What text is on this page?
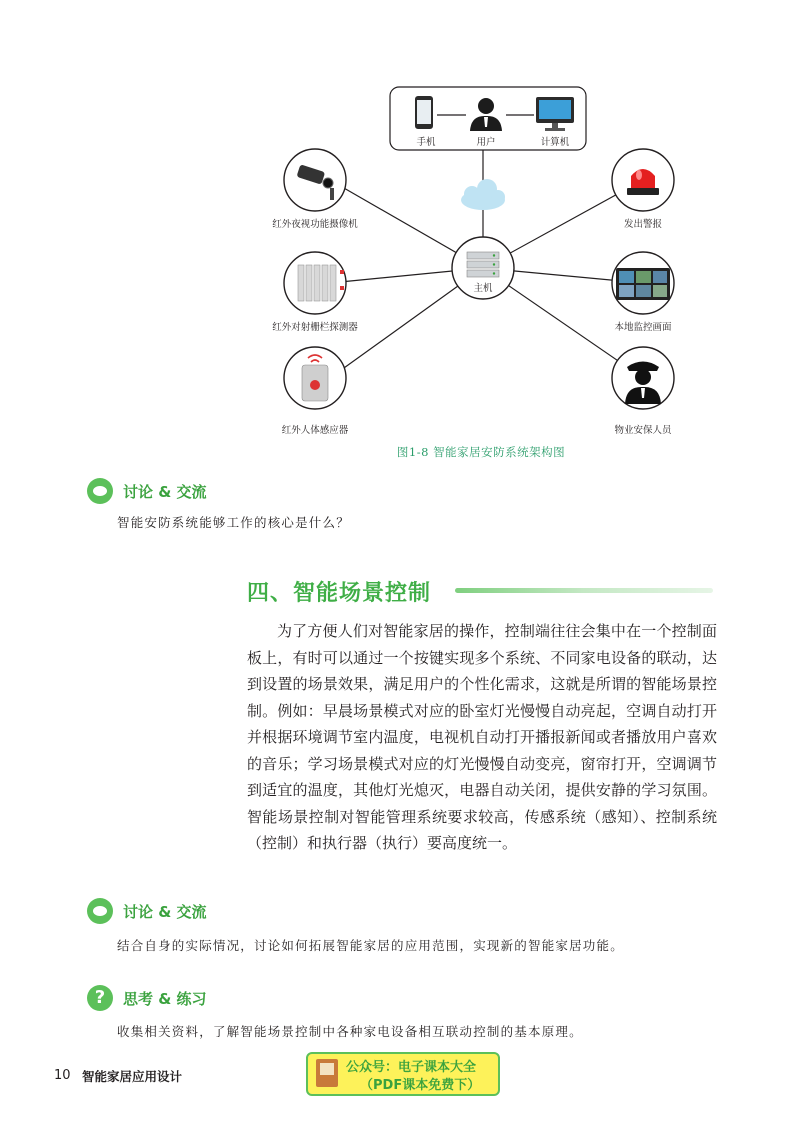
手机	用户	计算机
主机
红外夜视功能摄像机
红外对射栅栏探测器
红外人体感应器
发出警报
本地监控画面
物业安保人员
图1-8 智能家居安防系统架构图
讨论 & 交流
智能安防系统能够工作的核心是什么？
四、智能场景控制

为了方便人们对智能家居的操作，控制端往往会集中在一个控制面板上，有时可以通过一个按键实现多个系统、不同家电设备的联动，达到设置的场景效果，满足用户的个性化需求，这就是所谓的智能场景控制。例如：早晨场景模式对应的卧室灯光慢慢自动亮起，空调自动打开并根据环境调节室内温度，电视机自动打开播报新闻或者播放用户喜欢的音乐；学习场景模式对应的灯光慢慢自动变亮，窗帘打开，空调调节到适宜的温度，其他灯光熄灭，电器自动关闭，提供安静的学习氛围。智能场景控制对智能管理系统要求较高，传感系统（感知）、控制系统（控制）和执行器（执行）要高度统一。

讨论 & 交流
结合自身的实际情况，讨论如何拓展智能家居的应用范围，实现新的智能家居功能。
?	思考 & 练习
收集相关资料，了解智能场景控制中各种家电设备相互联动控制的基本原理。
10 智能家居应用设计
公众号：电子课本大全
（PDF课本免费下）
